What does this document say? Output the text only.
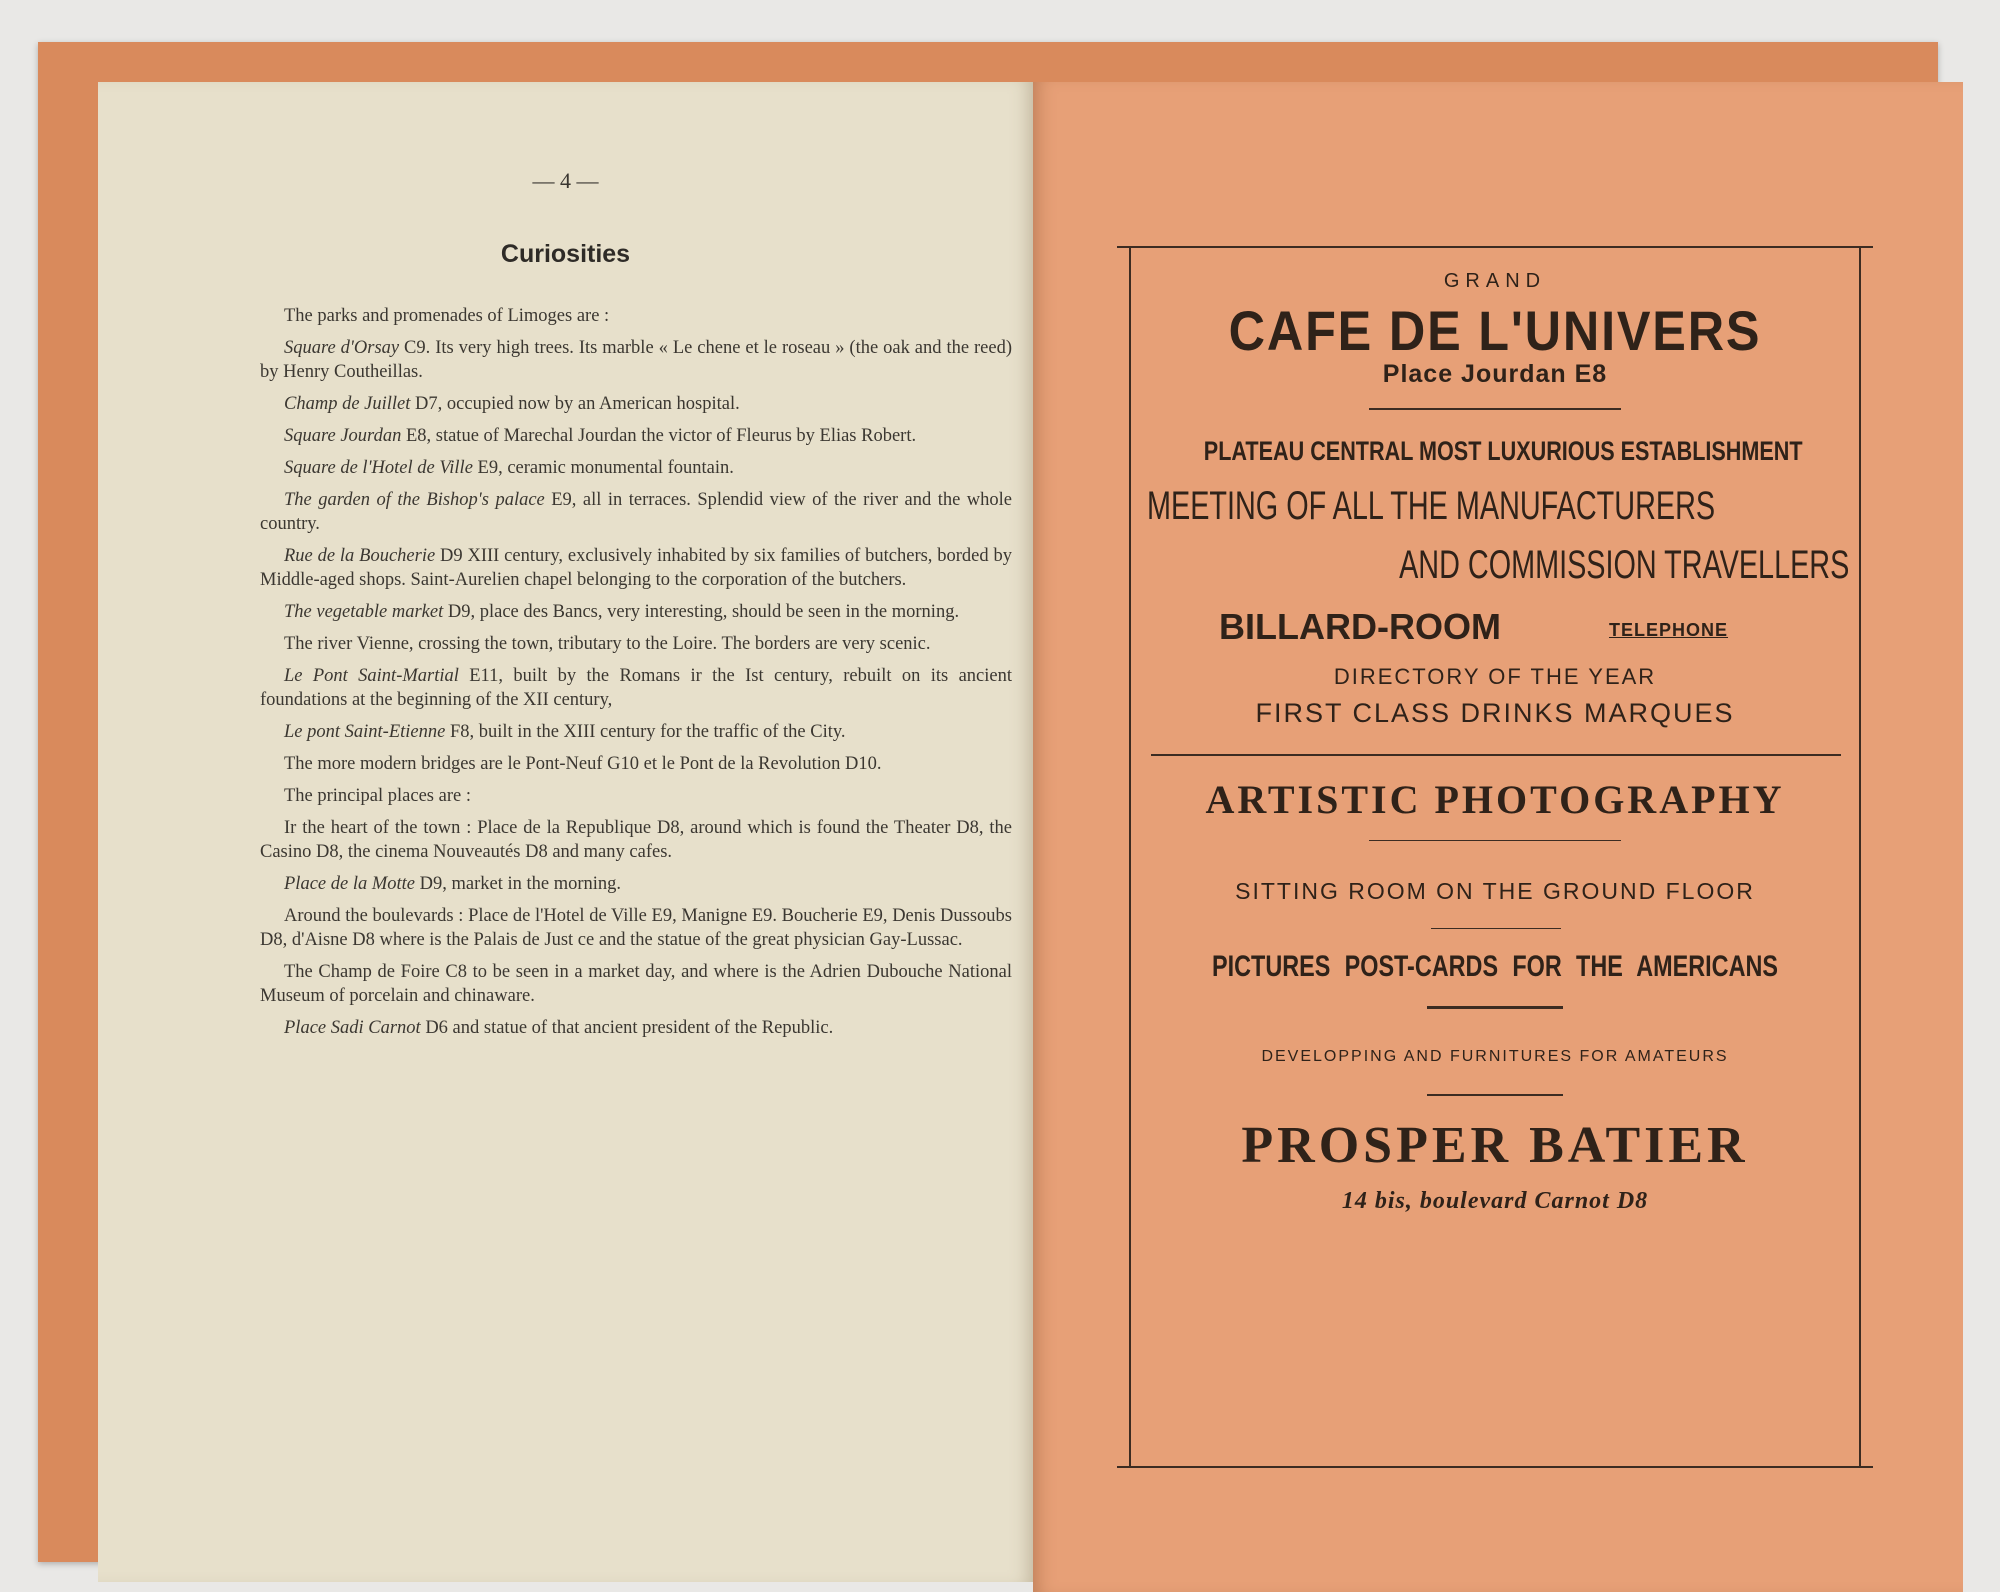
— 4 —
Curiosities

The parks and promenades of Limoges are :

Square d'Orsay C9. Its very high trees. Its marble « Le chene et le roseau » (the oak and the reed) by Henry Coutheillas.

Champ de Juillet D7, occupied now by an American hospital.

Square Jourdan E8, statue of Marechal Jourdan the victor of Fleurus by Elias Robert.

Square de l'Hotel de Ville E9, ceramic monumental fountain.

The garden of the Bishop's palace E9, all in terraces. Splendid view of the river and the whole country.

Rue de la Boucherie D9 XIII century, exclusively inhabited by six families of butchers, borded by Middle-aged shops. Saint-Aurelien chapel belonging to the corporation of the butchers.

The vegetable market D9, place des Bancs, very interesting, should be seen in the morning.

The river Vienne, crossing the town, tributary to the Loire. The borders are very scenic.

Le Pont Saint-Martial E11, built by the Romans ir the Ist century, rebuilt on its ancient foundations at the beginning of the XII century,

Le pont Saint-Etienne F8, built in the XIII century for the traffic of the City.

The more modern bridges are le Pont-Neuf G10 et le Pont de la Revolution D10.

The principal places are :

Ir the heart of the town : Place de la Republique D8, around which is found the Theater D8, the Casino D8, the cinema Nouveautés D8 and many cafes.

Place de la Motte D9, market in the morning.

Around the boulevards : Place de l'Hotel de Ville E9, Manigne E9. Boucherie E9, Denis Dussoubs D8, d'Aisne D8 where is the Palais de Just ce and the statue of the great physician Gay-Lussac.

The Champ de Foire C8 to be seen in a market day, and where is the Adrien Dubouche National Museum of porcelain and chinaware.

Place Sadi Carnot D6 and statue of that ancient president of the Republic.

GRAND
CAFE DE L'UNIVERS
Place Jourdan E8
PLATEAU CENTRAL MOST LUXURIOUS ESTABLISHMENT
MEETING OF ALL THE MANUFACTURERS
AND COMMISSION TRAVELLERS
BILLARD-ROOM	TELEPHONE
DIRECTORY OF THE YEAR
FIRST CLASS DRINKS MARQUES
ARTISTIC PHOTOGRAPHY
SITTING ROOM ON THE GROUND FLOOR
PICTURES POST-CARDS FOR THE AMERICANS
DEVELOPPING AND FURNITURES FOR AMATEURS
PROSPER BATIER
14 bis, boulevard Carnot D8
